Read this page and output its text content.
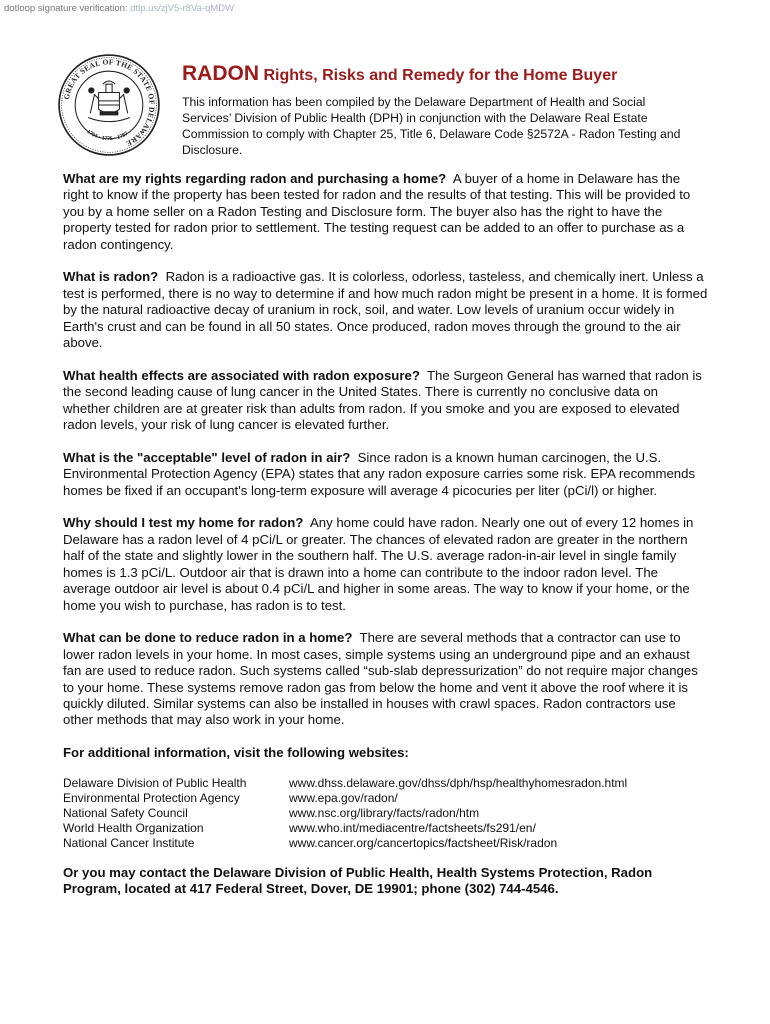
dotloop signature verification: dtlp.us/zjV5-r8Va-qMDW
GREAT SEAL OF THE STATE OF DELAWARE
1704 · 1776 · 1787
RADON Rights, Risks and Remedy for the Home Buyer
This information has been compiled by the Delaware Department of Health and Social Services’ Division of Public Health (DPH) in conjunction with the Delaware Real Estate Commission to comply with Chapter 25, Title 6, Delaware Code §2572A - Radon Testing and Disclosure.

What are my rights regarding radon and purchasing a home? A buyer of a home in Delaware has the right to know if the property has been tested for radon and the results of that testing. This will be provided to you by a home seller on a Radon Testing and Disclosure form. The buyer also has the right to have the property tested for radon prior to settlement. The testing request can be added to an offer to purchase as a radon contingency.

What is radon? Radon is a radioactive gas. It is colorless, odorless, tasteless, and chemically inert. Unless a test is performed, there is no way to determine if and how much radon might be present in a home. It is formed by the natural radioactive decay of uranium in rock, soil, and water. Low levels of uranium occur widely in Earth's crust and can be found in all 50 states. Once produced, radon moves through the ground to the air above.

What health effects are associated with radon exposure? The Surgeon General has warned that radon is the second leading cause of lung cancer in the United States. There is currently no conclusive data on whether children are at greater risk than adults from radon. If you smoke and you are exposed to elevated radon levels, your risk of lung cancer is elevated further.

What is the "acceptable" level of radon in air? Since radon is a known human carcinogen, the U.S. Environmental Protection Agency (EPA) states that any radon exposure carries some risk. EPA recommends homes be fixed if an occupant's long-term exposure will average 4 picocuries per liter (pCi/l) or higher.

Why should I test my home for radon? Any home could have radon. Nearly one out of every 12 homes in Delaware has a radon level of 4 pCi/L or greater. The chances of elevated radon are greater in the northern half of the state and slightly lower in the southern half. The U.S. average radon-in-air level in single family homes is 1.3 pCi/L. Outdoor air that is drawn into a home can contribute to the indoor radon level. The average outdoor air level is about 0.4 pCi/L and higher in some areas. The way to know if your home, or the home you wish to purchase, has radon is to test.

What can be done to reduce radon in a home? There are several methods that a contractor can use to lower radon levels in your home. In most cases, simple systems using an underground pipe and an exhaust fan are used to reduce radon. Such systems called “sub-slab depressurization” do not require major changes to your home. These systems remove radon gas from below the home and vent it above the roof where it is quickly diluted. Similar systems can also be installed in houses with crawl spaces. Radon contractors use other methods that may also work in your home.

For additional information, visit the following websites:

Delaware Division of Public Health	www.dhss.delaware.gov/dhss/dph/hsp/healthyhomesradon.html
Environmental Protection Agency	www.epa.gov/radon/
National Safety Council	www.nsc.org/library/facts/radon/htm
World Health Organization	www.who.int/mediacentre/factsheets/fs291/en/
National Cancer Institute	www.cancer.org/cancertopics/factsheet/Risk/radon

Or you may contact the Delaware Division of Public Health, Health Systems Protection, Radon Program, located at 417 Federal Street, Dover, DE 19901; phone (302) 744-4546.
